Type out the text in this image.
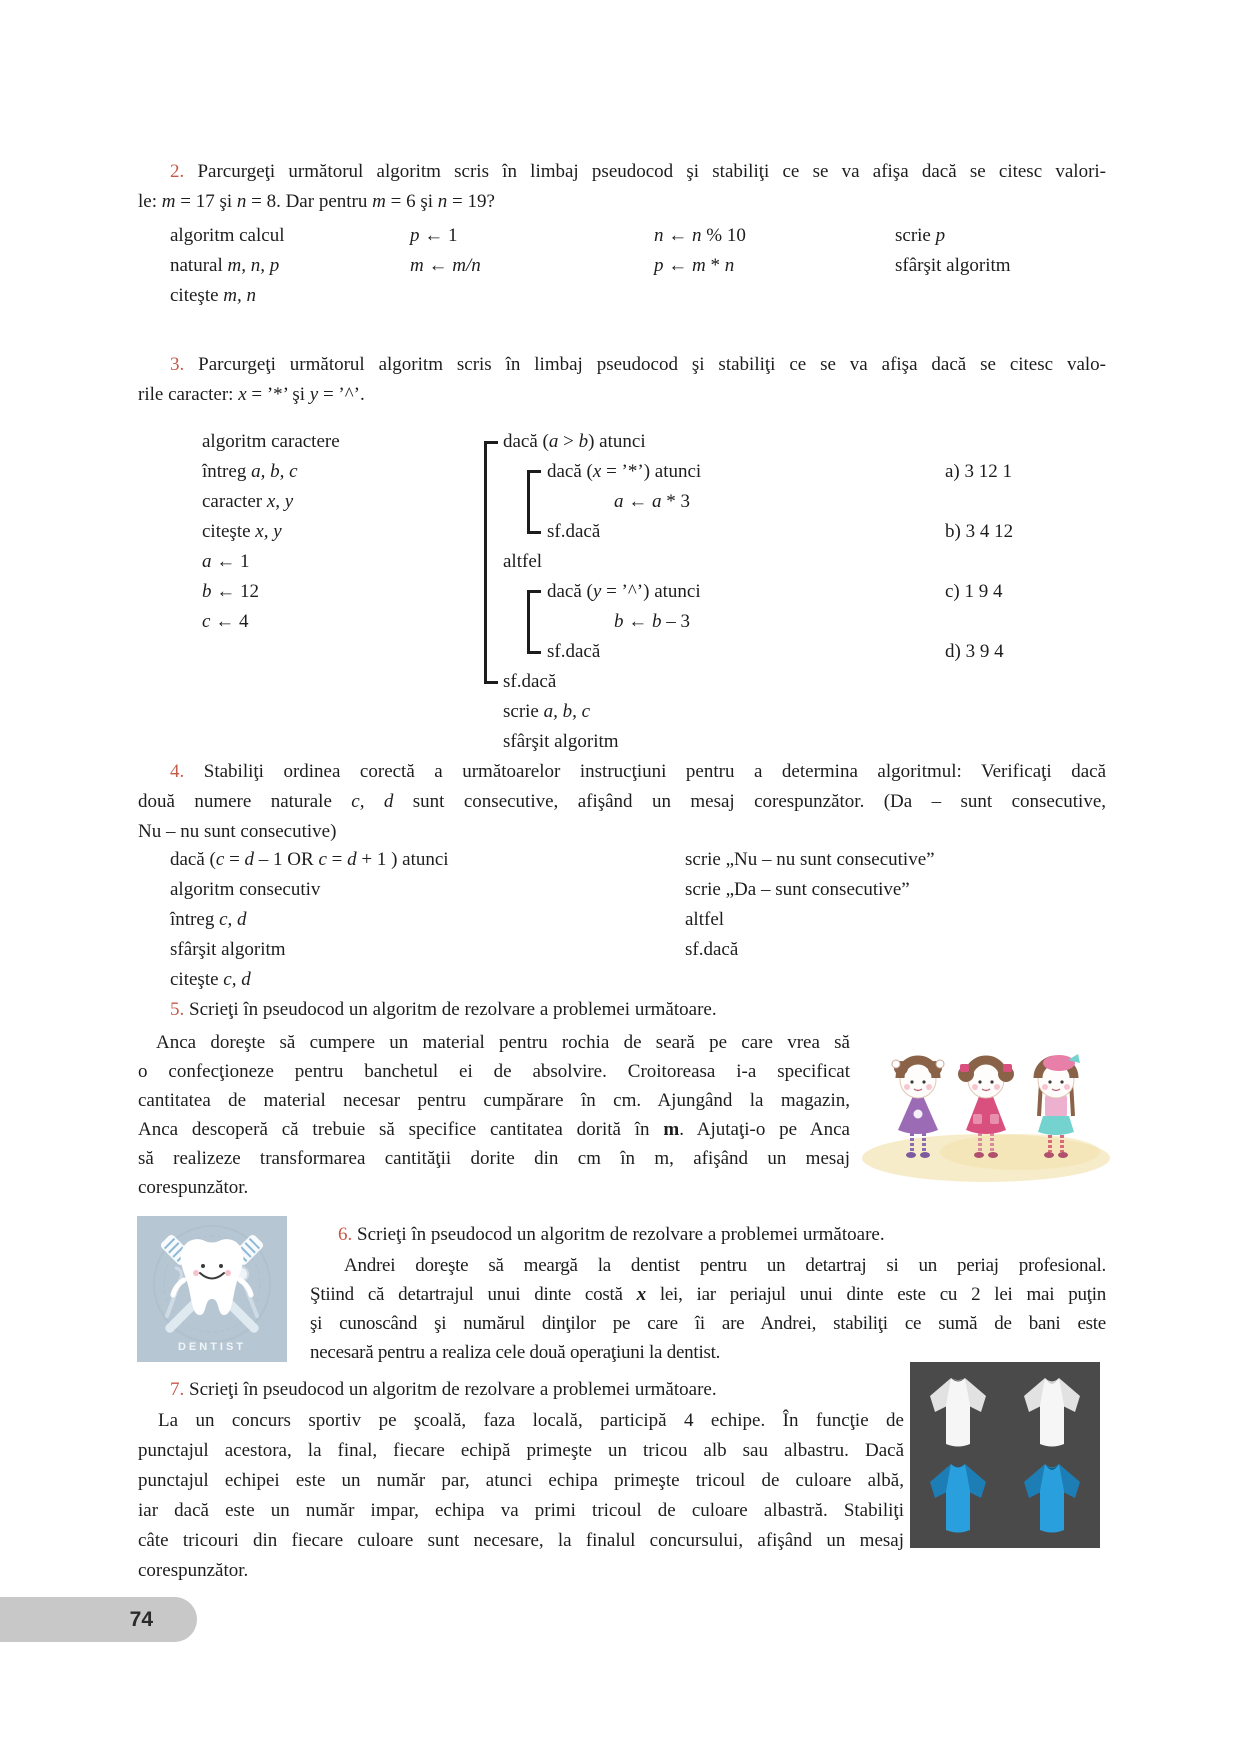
2. Parcurgeţi următorul algoritm scris în limbaj pseudocod şi stabiliţi ce se va afişa dacă se citesc valori-
le: m = 17 şi n = 8. Dar pentru m = 6 şi n = 19?
algoritm calcul
natural m, n, p
citeşte m, n
p ← 1
m ← m/n
n ← n % 10
p ← m * n
scrie p
sfârşit algoritm
3. Parcurgeţi următorul algoritm scris în limbaj pseudocod şi stabiliţi ce se va afişa dacă se citesc valo-
rile caracter: x = ’*’ şi y = ’^’.
algoritm caractere
întreg a, b, c
caracter x, y
citeşte x, y
a ← 1
b ← 12
c ← 4
dacă (a > b) atunci
dacă (x = ’*’) atunci
a ← a * 3
sf.dacă
altfel
dacă (y = ’^’) atunci
b ← b – 3
sf.dacă
sf.dacă
scrie a, b, c
sfârşit algoritm
a) 3 12 1
b) 3 4 12
c) 1 9 4
d) 3 9 4
4. Stabiliţi ordinea corectă a următoarelor instrucţiuni pentru a determina algoritmul: Verificaţi dacă
două numere naturale c, d sunt consecutive, afişând un mesaj corespunzător. (Da – sunt consecutive,
Nu – nu sunt consecutive)
dacă (c = d – 1 OR c = d + 1 ) atunci
algoritm consecutiv
întreg c, d
sfârşit algoritm
citeşte c, d
scrie „Nu – nu sunt consecutive”
scrie „Da – sunt consecutive”
altfel
sf.dacă
5. Scrieţi în pseudocod un algoritm de rezolvare a problemei următoare.
Anca doreşte să cumpere un material pentru rochia de seară pe care vrea să
o confecţioneze pentru banchetul ei de absolvire. Croitoreasa i-a specificat
cantitatea de material necesar pentru cumpărare în cm. Ajungând la magazin,
Anca descoperă că trebuie să specifice cantitatea dorită în m. Ajutaţi-o pe Anca
să realizeze transformarea cantităţii dorite din cm în m, afişând un mesaj
corespunzător.
DENTIST
6. Scrieţi în pseudocod un algoritm de rezolvare a problemei următoare.
Andrei doreşte să meargă la dentist pentru un detartraj si un periaj profesional.
Ştiind că detartrajul unui dinte costă x lei, iar periajul unui dinte este cu 2 lei mai puţin
şi cunoscând şi numărul dinţilor pe care îi are Andrei, stabiliţi ce sumă de bani este
necesară pentru a realiza cele două operaţiuni la dentist.
7. Scrieţi în pseudocod un algoritm de rezolvare a problemei următoare.
La un concurs sportiv pe şcoală, faza locală, participă 4 echipe. În funcţie de
punctajul acestora, la final, fiecare echipă primeşte un tricou alb sau albastru. Dacă
punctajul echipei este un număr par, atunci echipa primeşte tricoul de culoare albă,
iar dacă este un număr impar, echipa va primi tricoul de culoare albastră. Stabiliţi
câte tricouri din fiecare culoare sunt necesare, la finalul concursului, afişând un mesaj
corespunzător.
74
